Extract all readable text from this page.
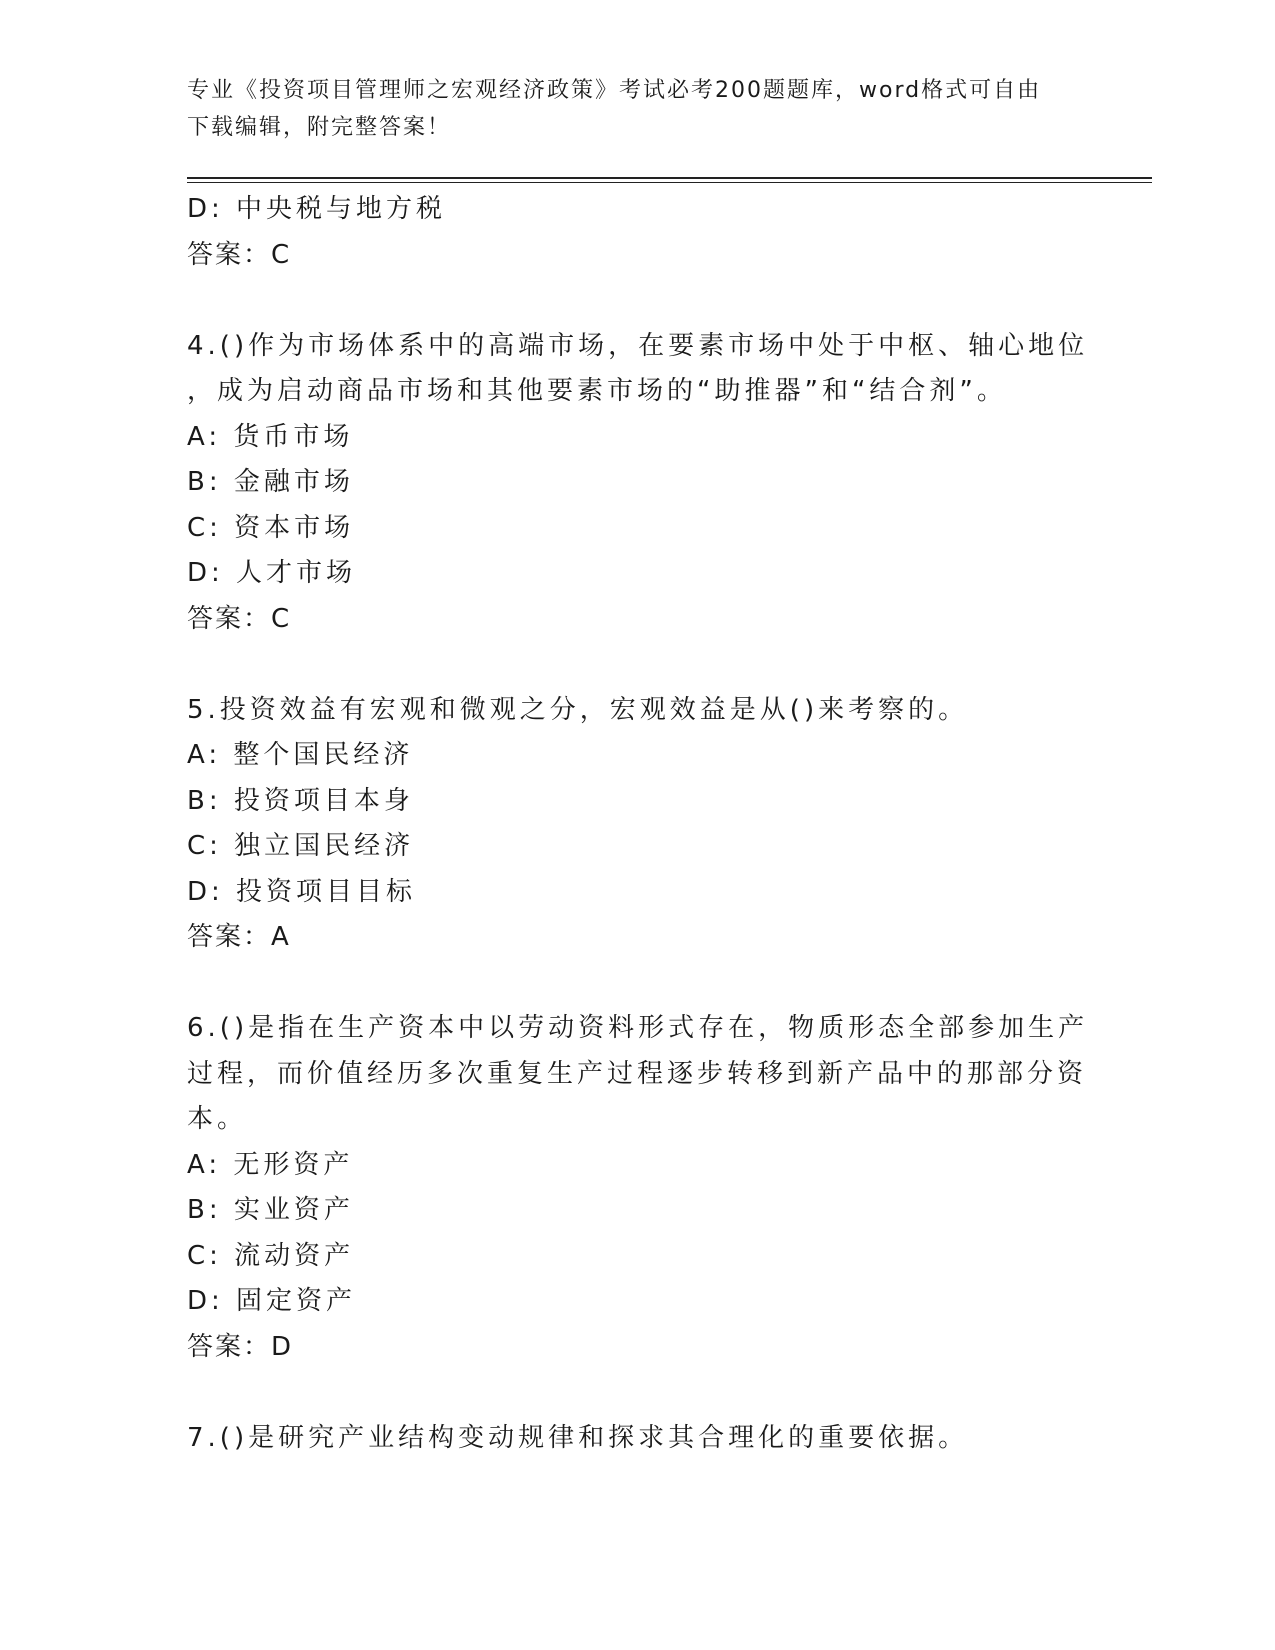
专业《投资项目管理师之宏观经济政策》考试必考200题题库，word格式可自由
下载编辑，附完整答案！
D: 中央税与地方税
答案：C
4.()作为市场体系中的高端市场，在要素市场中处于中枢、轴心地位
，成为启动商品市场和其他要素市场的“助推器”和“结合剂”。
A: 货币市场
B: 金融市场
C: 资本市场
D: 人才市场
答案：C
5.投资效益有宏观和微观之分，宏观效益是从()来考察的。
A: 整个国民经济
B: 投资项目本身
C: 独立国民经济
D: 投资项目目标
答案：A
6.()是指在生产资本中以劳动资料形式存在，物质形态全部参加生产
过程，而价值经历多次重复生产过程逐步转移到新产品中的那部分资
本。
A: 无形资产
B: 实业资产
C: 流动资产
D: 固定资产
答案：D
7.()是研究产业结构变动规律和探求其合理化的重要依据。
